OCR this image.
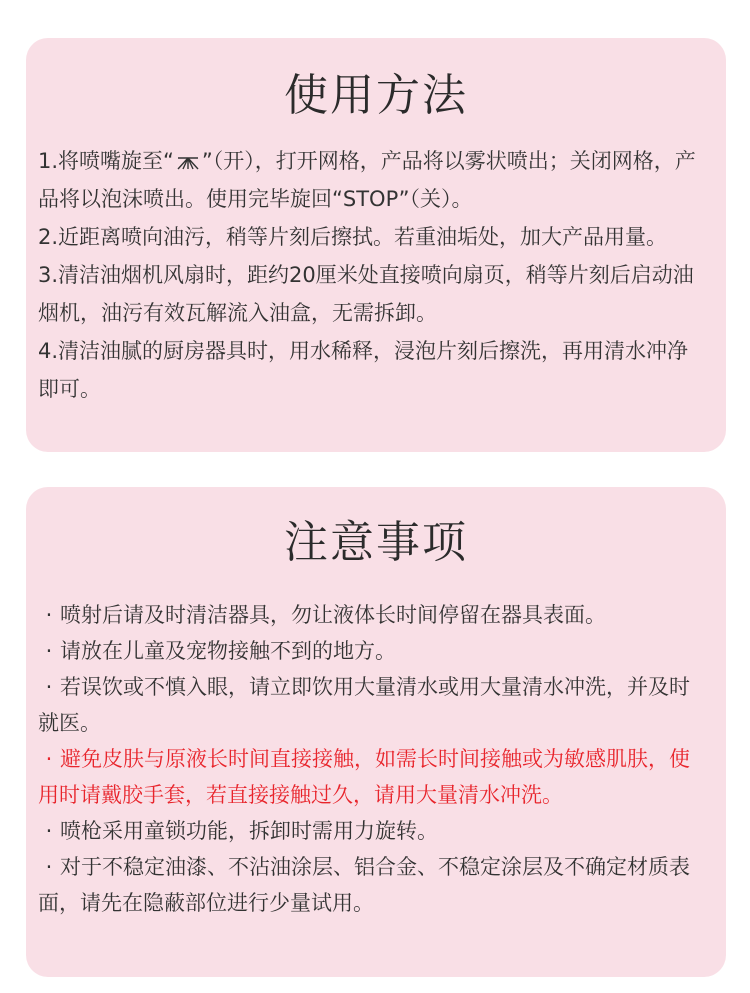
使用方法
1.将喷嘴旋至“ ”（开），打开网格，产品将以雾状喷出；关闭网格，产品将以泡沫喷出。使用完毕旋回“STOP”（关）。
2.近距离喷向油污，稍等片刻后擦拭。若重油垢处，加大产品用量。
3.清洁油烟机风扇时，距约20厘米处直接喷向扇页，稍等片刻后启动油烟机，油污有效瓦解流入油盒，无需拆卸。
4.清洁油腻的厨房器具时，用水稀释，浸泡片刻后擦洗，再用清水冲净即可。
注意事项
· 喷射后请及时清洁器具，勿让液体长时间停留在器具表面。
· 请放在儿童及宠物接触不到的地方。
· 若误饮或不慎入眼，请立即饮用大量清水或用大量清水冲洗，并及时就医。
· 避免皮肤与原液长时间直接接触，如需长时间接触或为敏感肌肤，使用时请戴胶手套，若直接接触过久，请用大量清水冲洗。
· 喷枪采用童锁功能，拆卸时需用力旋转。
· 对于不稳定油漆、不沾油涂层、铝合金、不稳定涂层及不确定材质表面，请先在隐蔽部位进行少量试用。
